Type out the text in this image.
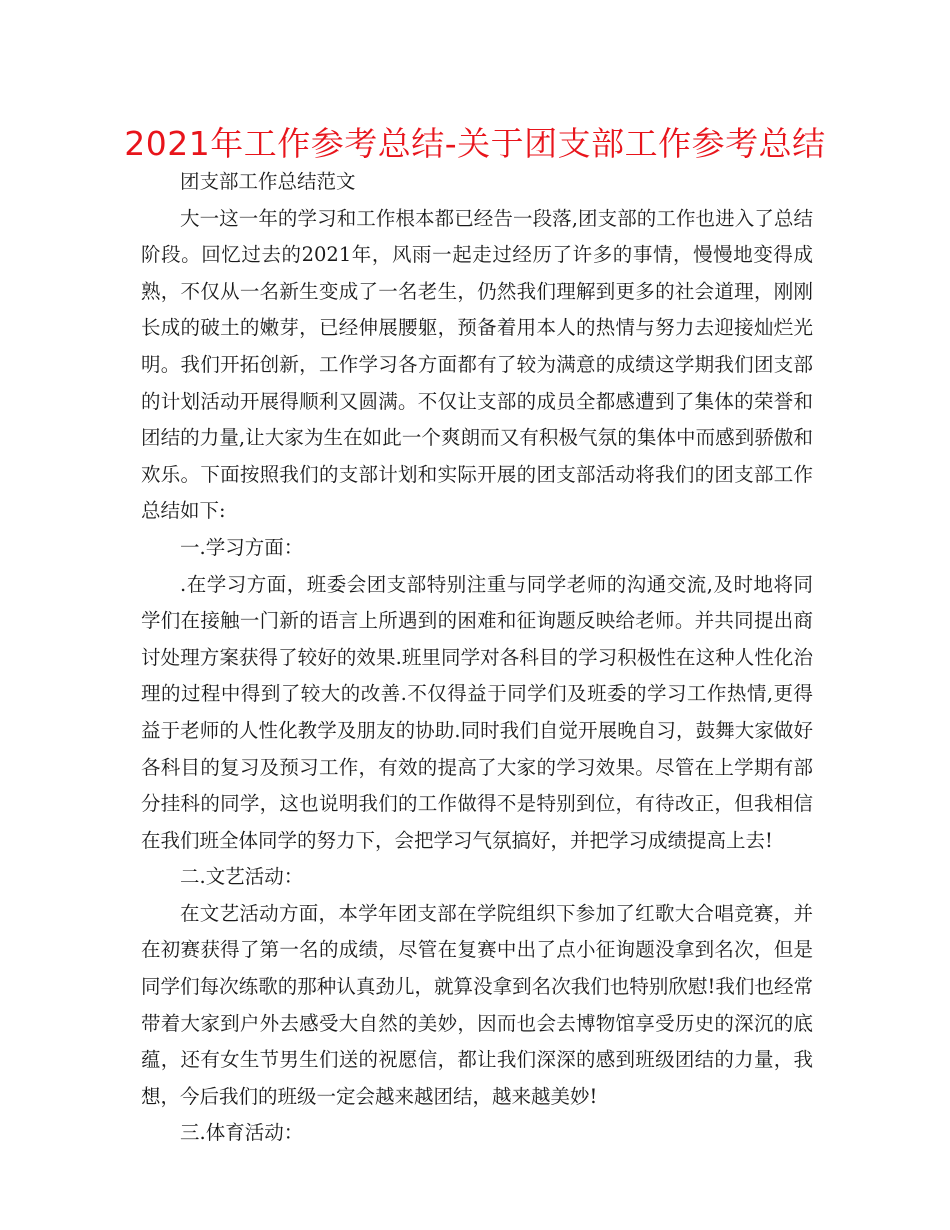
2021年工作参考总结-关于团支部工作参考总结

团支部工作总结范文

大一这一年的学习和工作根本都已经告一段落,团支部的工作也进入了总结阶段。回忆过去的2021年，风雨一起走过经历了许多的事情，慢慢地变得成熟，不仅从一名新生变成了一名老生，仍然我们理解到更多的社会道理，刚刚长成的破土的嫩芽，已经伸展腰躯，预备着用本人的热情与努力去迎接灿烂光明。我们开拓创新，工作学习各方面都有了较为满意的成绩这学期我们团支部的计划活动开展得顺利又圆满。不仅让支部的成员全都感遭到了集体的荣誉和团结的力量,让大家为生在如此一个爽朗而又有积极气氛的集体中而感到骄傲和欢乐。下面按照我们的支部计划和实际开展的团支部活动将我们的团支部工作总结如下:

一.学习方面：

.在学习方面，班委会团支部特别注重与同学老师的沟通交流,及时地将同学们在接触一门新的语言上所遇到的困难和征询题反映给老师。并共同提出商讨处理方案获得了较好的效果.班里同学对各科目的学习积极性在这种人性化治理的过程中得到了较大的改善.不仅得益于同学们及班委的学习工作热情,更得益于老师的人性化教学及朋友的协助.同时我们自觉开展晚自习，鼓舞大家做好各科目的复习及预习工作，有效的提高了大家的学习效果。尽管在上学期有部分挂科的同学，这也说明我们的工作做得不是特别到位，有待改正，但我相信在我们班全体同学的努力下，会把学习气氛搞好，并把学习成绩提高上去!

二.文艺活动：

在文艺活动方面，本学年团支部在学院组织下参加了红歌大合唱竞赛，并在初赛获得了第一名的成绩，尽管在复赛中出了点小征询题没拿到名次，但是同学们每次练歌的那种认真劲儿，就算没拿到名次我们也特别欣慰!我们也经常带着大家到户外去感受大自然的美妙，因而也会去博物馆享受历史的深沉的底蕴，还有女生节男生们送的祝愿信，都让我们深深的感到班级团结的力量，我想，今后我们的班级一定会越来越团结，越来越美妙!

三.体育活动：
